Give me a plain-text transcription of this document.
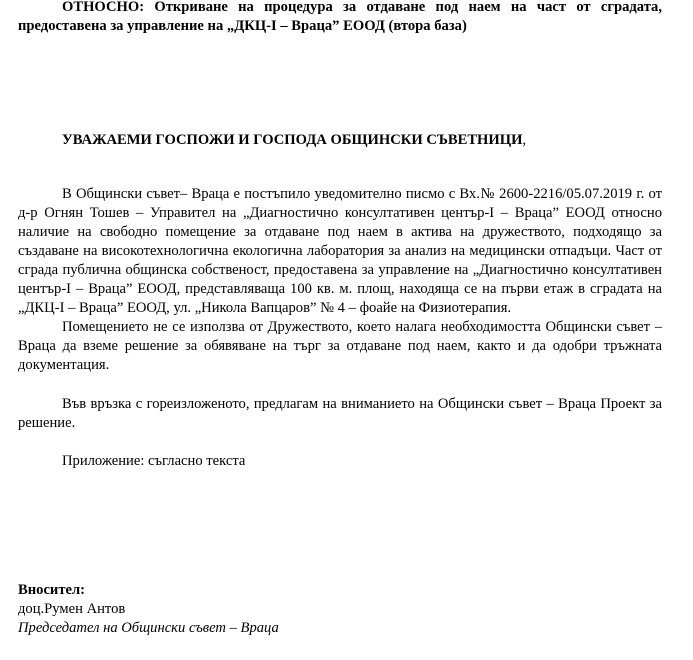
ОТНОСНО: Откриване на процедура за отдаване под наем на част от сградата, предоставена за управление на „ДКЦ-I – Враца” ЕООД (втора база)
УВАЖАЕМИ ГОСПОЖИ И ГОСПОДА ОБЩИНСКИ СЪВЕТНИЦИ,
В Общински съвет– Враца е постъпило уведомително писмо с Вх.№ 2600-2216/05.07.2019 г. от д-р Огнян Тошев – Управител на „Диагностично консултативен център-I – Враца” ЕООД относно наличие на свободно помещение за отдаване под наем в актива на дружеството, подходящо за създаване на високотехнологична екологична лаборатория за анализ на медицински отпадъци. Част от сграда публична общинска собственост, предоставена за управление на „Диагностично консултативен център-I – Враца” ЕООД, представляваща 100 кв. м. площ, находяща се на първи етаж в сградата на „ДКЦ-I – Враца” ЕООД, ул. „Никола Вапцаров” № 4 – фоайе на Физиотерапия.
Помещението не се използва от Дружеството, което налага необходимостта Общински съвет – Враца да вземе решение за обявяване на търг за отдаване под наем, както и да одобри тръжната документация.
Във връзка с гореизложеното, предлагам на вниманието на Общински съвет – Враца Проект за решение.
Приложение: съгласно текста
Вносител:
доц.Румен Антов
Председател на Общински съвет – Враца
